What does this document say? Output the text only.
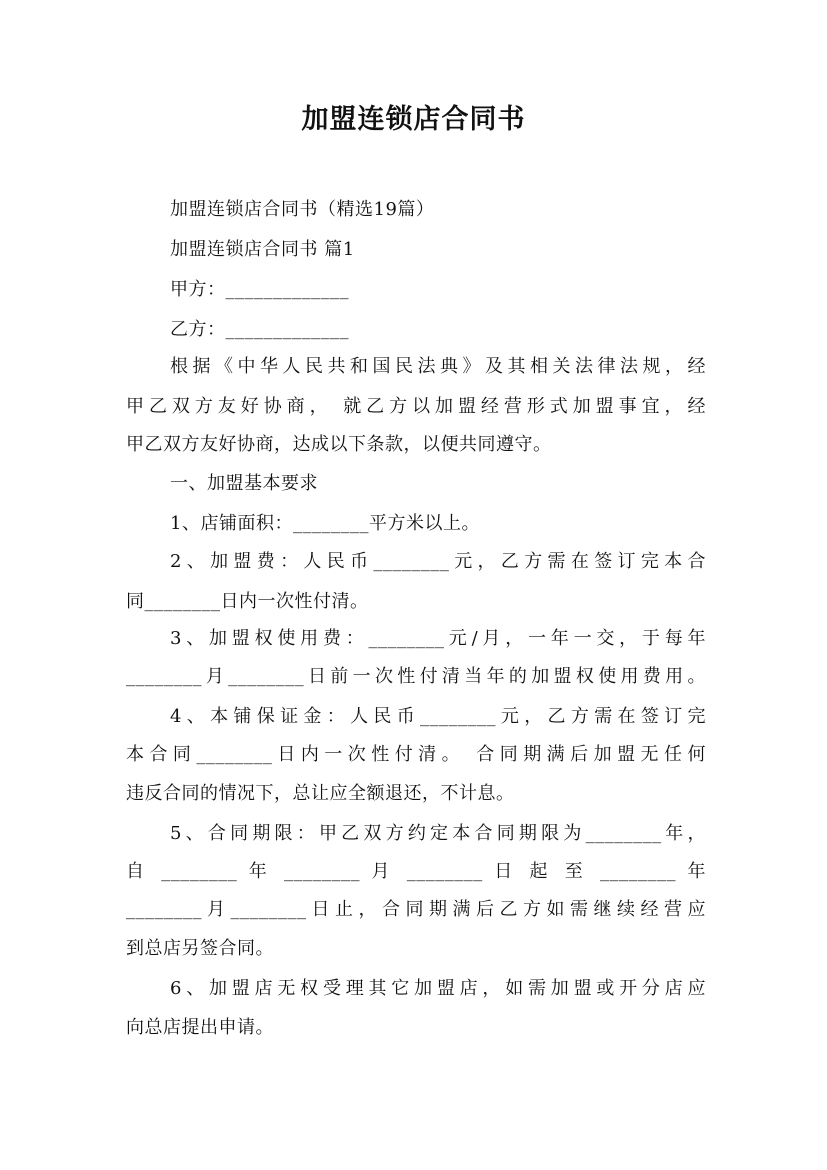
加盟连锁店合同书
加盟连锁店合同书（精选19篇）
加盟连锁店合同书 篇1
甲方：_____________
乙方：_____________
根据《中华人民共和国民法典》及其相关法律法规，经
甲乙双方友好协商， 就乙方以加盟经营形式加盟事宜，经
甲乙双方友好协商，达成以下条款，以便共同遵守。
一、加盟基本要求
1、店铺面积：________平方米以上。
2、加盟费：人民币________元，乙方需在签订完本合
同________日内一次性付清。
3、加盟权使用费：________元/月，一年一交，于每年
________月________日前一次性付清当年的加盟权使用费用。
4、本铺保证金：人民币________元，乙方需在签订完
本合同________日内一次性付清。 合同期满后加盟无任何
违反合同的情况下，总让应全额退还，不计息。
5、合同期限：甲乙双方约定本合同期限为________年，
自 ________ 年 ________ 月 ________ 日 起 至 ________ 年
________月________日止，合同期满后乙方如需继续经营应
到总店另签合同。
6、加盟店无权受理其它加盟店，如需加盟或开分店应
向总店提出申请。
